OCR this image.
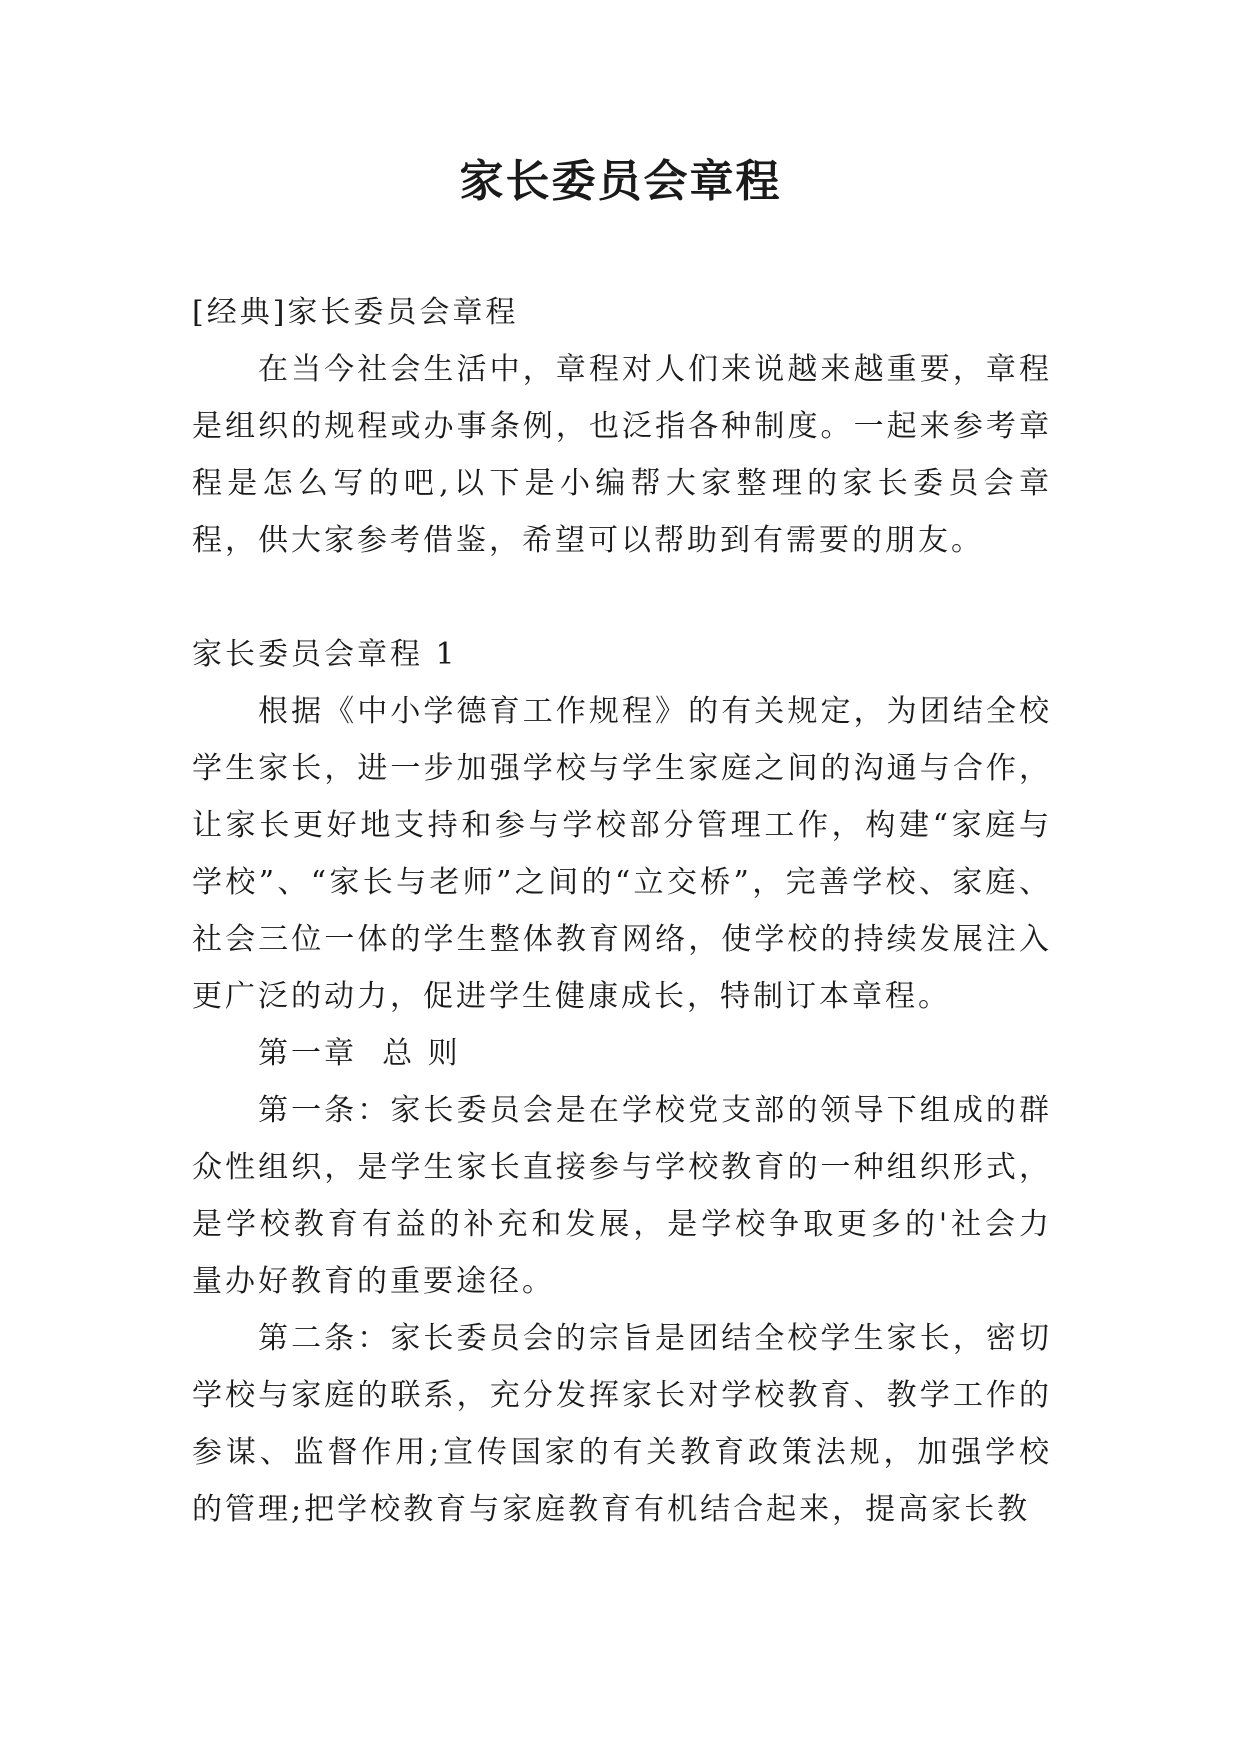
家长委员会章程

[经典]家长委员会章程

在当今社会生活中，章程对人们来说越来越重要，章程是组织的规程或办事条例，也泛指各种制度。一起来参考章程是怎么写的吧,以下是小编帮大家整理的家长委员会章程，供大家参考借鉴，希望可以帮助到有需要的朋友。

家长委员会章程 1

根据《中小学德育工作规程》的有关规定，为团结全校学生家长，进一步加强学校与学生家庭之间的沟通与合作，让家长更好地支持和参与学校部分管理工作，构建“家庭与学校”、“家长与老师”之间的“立交桥”，完善学校、家庭、社会三位一体的学生整体教育网络，使学校的持续发展注入更广泛的动力，促进学生健康成长，特制订本章程。

第一章  总 则

第一条：家长委员会是在学校党支部的领导下组成的群众性组织，是学生家长直接参与学校教育的一种组织形式，是学校教育有益的补充和发展，是学校争取更多的'社会力量办好教育的重要途径。

第二条：家长委员会的宗旨是团结全校学生家长，密切学校与家庭的联系，充分发挥家长对学校教育、教学工作的参谋、监督作用;宣传国家的有关教育政策法规，加强学校的管理;把学校教育与家庭教育有机结合起来，提高家长教
